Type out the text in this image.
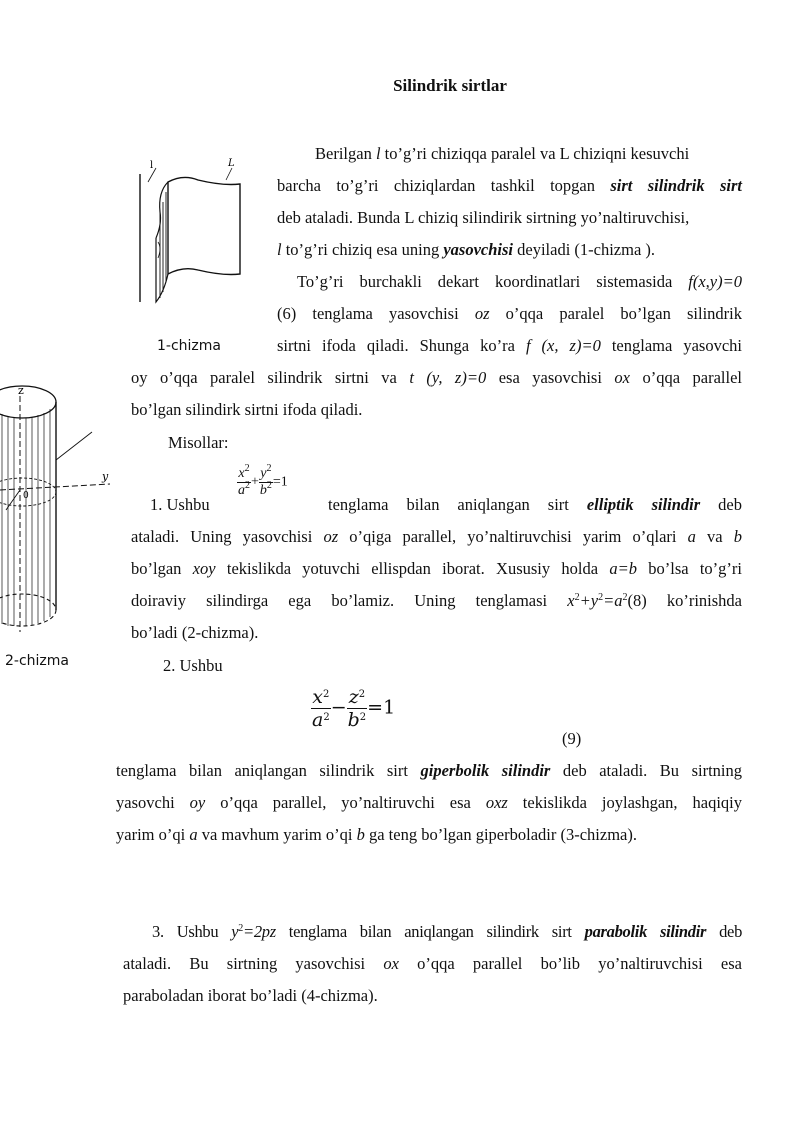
Silindrik sirtlar
l	L
1-chizma
z
y
0
2-chizma
Berilgan l to’g’ri chiziqqa paralel va L chiziqni kesuvchi
barcha to’g’ri chiziqlardan tashkil topgan sirt silindrik sirt
deb ataladi. Bunda L chiziq silindirik sirtning yo’naltiruvchisi,
l to’g’ri chiziq esa uning yasovchisi deyiladi (1-chizma ).
To’g’ri burchakli dekart koordinatlari sistemasida f(x,y)=0
(6) tenglama yasovchisi oz o’qqa paralel bo’lgan silindrik
sirtni ifoda qiladi. Shunga ko’ra f (x, z)=0 tenglama yasovchi
oy o’qqa paralel silindrik sirtni va t (y, z)=0 esa yasovchisi ox o’qqa parallel
bo’lgan silindirk sirtni ifoda qiladi.
Misollar:
1. Ushbu
$\frac{x^2}{a^2} + \frac{y^2}{b^2} =1$
tenglama bilan aniqlangan sirt elliptik silindir deb
ataladi. Uning yasovchisi oz o’qiga parallel, yo’naltiruvchisi yarim o’qlari a va b
bo’lgan xoy tekislikda yotuvchi ellispdan iborat. Xususiy holda a=b bo’lsa to’g’ri
doiraviy silindirga ega bo’lamiz. Uning tenglamasi $x^2+y^2=a^2(8)$ ko’rinishda
bo’ladi (2-chizma).
2. Ushbu
$\frac{x^2}{a^2} - \frac{z^2}{b^2} =1$
(9)
tenglama bilan aniqlangan silindrik sirt giperbolik silindir deb ataladi. Bu sirtning
yasovchi oy o’qqa parallel, yo’naltiruvchi esa oxz tekislikda joylashgan, haqiqiy
yarim o’qi a va mavhum yarim o’qi b ga teng bo’lgan giperboladir (3-chizma).
3. Ushbu $y^2=2pz$ tenglama bilan aniqlangan silindirk sirt parabolik silindir deb
ataladi. Bu sirtning yasovchisi ox o’qqa parallel bo’lib yo’naltiruvchisi esa
paraboladan iborat bo’ladi (4-chizma).
